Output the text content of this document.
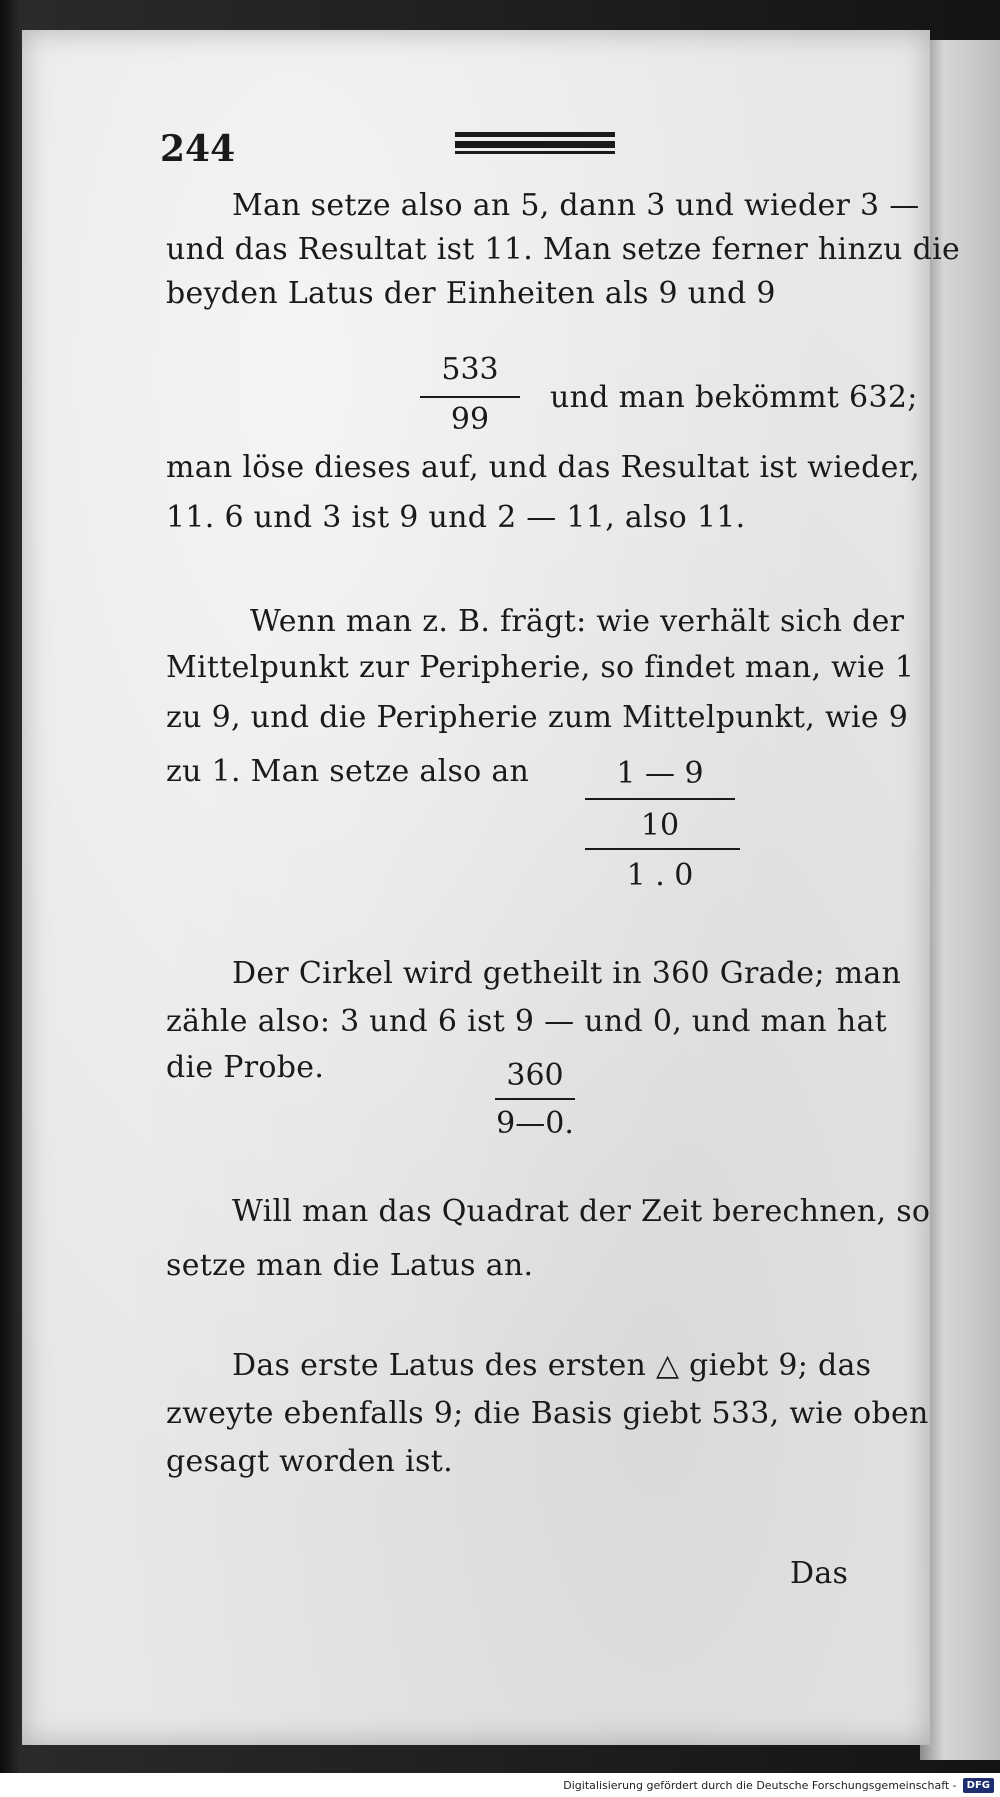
244
Man setze also an 5, dann 3 und wieder 3 —
und das Resultat ist 11. Man setze ferner hinzu die
beyden Latus der Einheiten als 9 und 9
533
99
und man bekömmt 632;
man löse dieses auf, und das Resultat ist wieder,
11. 6 und 3 ist 9 und 2 — 11, also 11.
Wenn man z. B. frägt: wie verhält sich der
Mittelpunkt zur Peripherie, so findet man, wie 1
zu 9, und die Peripherie zum Mittelpunkt, wie 9
zu 1. Man setze also an	1 — 9
10
1 . 0
Der Cirkel wird getheilt in 360 Grade; man
zähle also: 3 und 6 ist 9 — und 0, und man hat
die Probe.	360
9—0.
Will man das Quadrat der Zeit berechnen, so
setze man die Latus an.
Das erste Latus des ersten △ giebt 9; das
zweyte ebenfalls 9; die Basis giebt 533, wie oben
gesagt worden ist.
Das
Digitalisierung gefördert durch die Deutsche Forschungsgemeinschaft -	DFG
